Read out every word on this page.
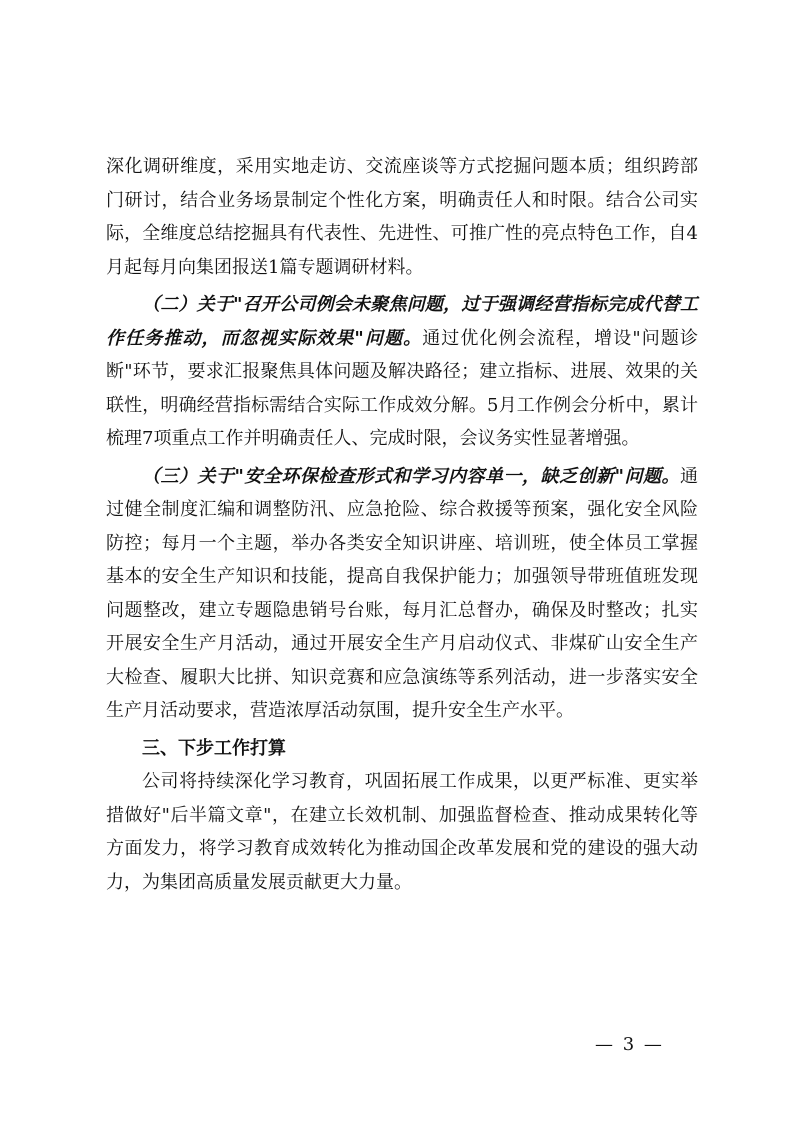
深化调研维度，采用实地走访、交流座谈等方式挖掘问题本质；组织跨部门研讨，结合业务场景制定个性化方案，明确责任人和时限。结合公司实际，全维度总结挖掘具有代表性、先进性、可推广性的亮点特色工作，自4月起每月向集团报送1篇专题调研材料。

（二）关于"召开公司例会未聚焦问题，过于强调经营指标完成代替工作任务推动，而忽视实际效果"问题。通过优化例会流程，增设"问题诊断"环节，要求汇报聚焦具体问题及解决路径；建立指标、进展、效果的关联性，明确经营指标需结合实际工作成效分解。5月工作例会分析中，累计梳理7项重点工作并明确责任人、完成时限，会议务实性显著增强。

（三）关于"安全环保检查形式和学习内容单一，缺乏创新"问题。通过健全制度汇编和调整防汛、应急抢险、综合救援等预案，强化安全风险防控；每月一个主题，举办各类安全知识讲座、培训班，使全体员工掌握基本的安全生产知识和技能，提高自我保护能力；加强领导带班值班发现问题整改，建立专题隐患销号台账，每月汇总督办，确保及时整改；扎实开展安全生产月活动，通过开展安全生产月启动仪式、非煤矿山安全生产大检查、履职大比拼、知识竞赛和应急演练等系列活动，进一步落实安全生产月活动要求，营造浓厚活动氛围，提升安全生产水平。

三、下步工作打算

公司将持续深化学习教育，巩固拓展工作成果，以更严标准、更实举措做好"后半篇文章"，在建立长效机制、加强监督检查、推动成果转化等方面发力，将学习教育成效转化为推动国企改革发展和党的建设的强大动力，为集团高质量发展贡献更大力量。

— 3 —
